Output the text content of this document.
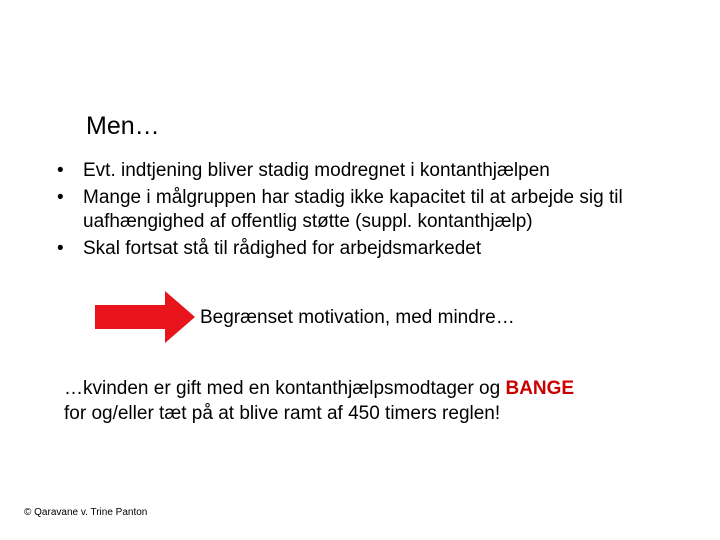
Men…
• Evt. indtjening bliver stadig modregnet i kontanthjælpen
• Mange i målgruppen har stadig ikke kapacitet til at arbejde sig til uafhængighed af offentlig støtte (suppl. kontanthjælp)
• Skal fortsat stå til rådighed for arbejdsmarkedet
Begrænset motivation, med mindre…
…kvinden er gift med en kontanthjælpsmodtager og BANGE
for og/eller tæt på at blive ramt af 450 timers reglen!
© Qaravane v. Trine Panton
